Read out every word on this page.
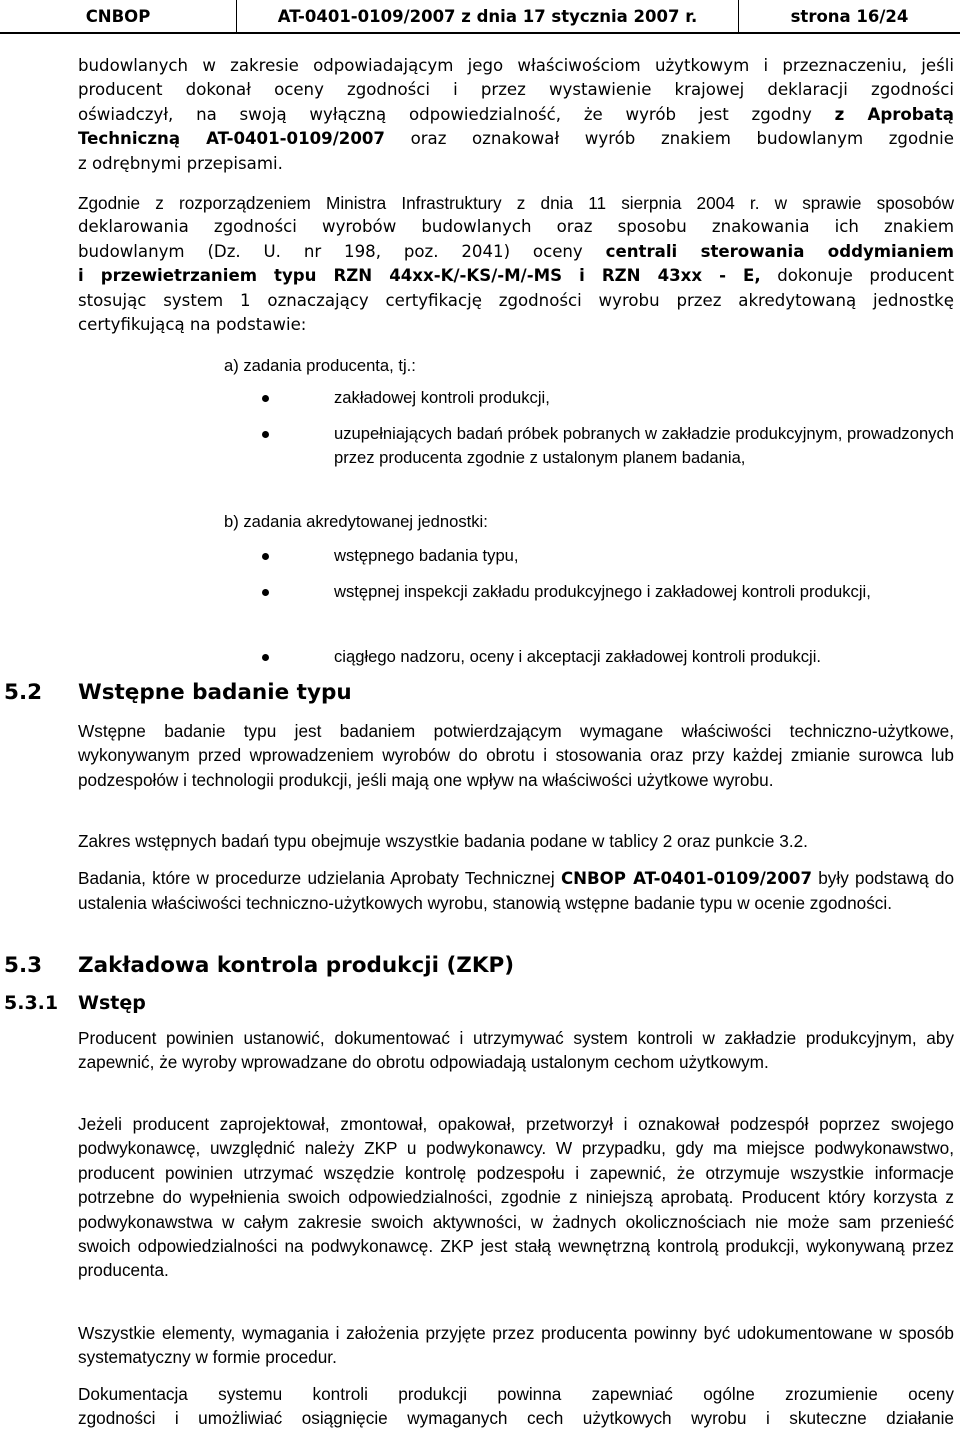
CNBOP	AT-0401-0109/2007 z dnia 17 stycznia 2007 r.	strona 16/24
budowlanych w zakresie odpowiadającym jego właściwościom użytkowym i przeznaczeniu, jeśli
producent dokonał oceny zgodności i przez wystawienie krajowej deklaracji zgodności
oświadczył, na swoją wyłączną odpowiedzialność, że wyrób jest zgodny z Aprobatą
Techniczną AT-0401-0109/2007 oraz oznakował wyrób znakiem budowlanym zgodnie
z odrębnymi przepisami.
Zgodnie z rozporządzeniem Ministra Infrastruktury z dnia 11 sierpnia 2004 r. w sprawie sposobów
deklarowania zgodności wyrobów budowlanych oraz sposobu znakowania ich znakiem
budowlanym (Dz. U. nr 198, poz. 2041) oceny centrali sterowania oddymianiem
i przewietrzaniem typu RZN 44xx-K/-KS/-M/-MS i RZN 43xx - E, dokonuje producent
stosując system 1 oznaczający certyfikację zgodności wyrobu przez akredytowaną jednostkę
certyfikującą na podstawie:
a) zadania producenta, tj.:
zakładowej kontroli produkcji,
uzupełniających badań próbek pobranych w zakładzie produkcyjnym, prowadzonych przez producenta zgodnie z ustalonym planem badania,
b) zadania akredytowanej jednostki:
wstępnego badania typu,
wstępnej inspekcji zakładu produkcyjnego i zakładowej kontroli produkcji,
ciągłego nadzoru, oceny i akceptacji zakładowej kontroli produkcji.
5.2 Wstępne badanie typu
Wstępne badanie typu jest badaniem potwierdzającym wymagane właściwości techniczno-użytkowe, wykonywanym przed wprowadzeniem wyrobów do obrotu i stosowania oraz przy każdej zmianie surowca lub podzespołów i technologii produkcji, jeśli mają one wpływ na właściwości użytkowe wyrobu.
Zakres wstępnych badań typu obejmuje wszystkie badania podane w tablicy 2 oraz punkcie 3.2.
Badania, które w procedurze udzielania Aprobaty Technicznej CNBOP AT-0401-0109/2007 były podstawą do ustalenia właściwości techniczno-użytkowych wyrobu, stanowią wstępne badanie typu w ocenie zgodności.
5.3 Zakładowa kontrola produkcji (ZKP)
5.3.1 Wstęp
Producent powinien ustanowić, dokumentować i utrzymywać system kontroli w zakładzie produkcyjnym, aby zapewnić, że wyroby wprowadzane do obrotu odpowiadają ustalonym cechom użytkowym.
Jeżeli producent zaprojektował, zmontował, opakował, przetworzył i oznakował podzespół poprzez swojego podwykonawcę, uwzględnić należy ZKP u podwykonawcy. W przypadku, gdy ma miejsce podwykonawstwo, producent powinien utrzymać wszędzie kontrolę podzespołu i zapewnić, że otrzymuje wszystkie informacje potrzebne do wypełnienia swoich odpowiedzialności, zgodnie z niniejszą aprobatą. Producent który korzysta z podwykonawstwa w całym zakresie swoich aktywności, w żadnych okolicznościach nie może sam przenieść swoich odpowiedzialności na podwykonawcę. ZKP jest stałą wewnętrzną kontrolą produkcji, wykonywaną przez producenta.
Wszystkie elementy, wymagania i założenia przyjęte przez producenta powinny być udokumentowane w sposób systematyczny w formie procedur.
Dokumentacja systemu kontroli produkcji powinna zapewniać ogólne zrozumienie oceny
zgodności i umożliwiać osiągnięcie wymaganych cech użytkowych wyrobu i skuteczne działanie
